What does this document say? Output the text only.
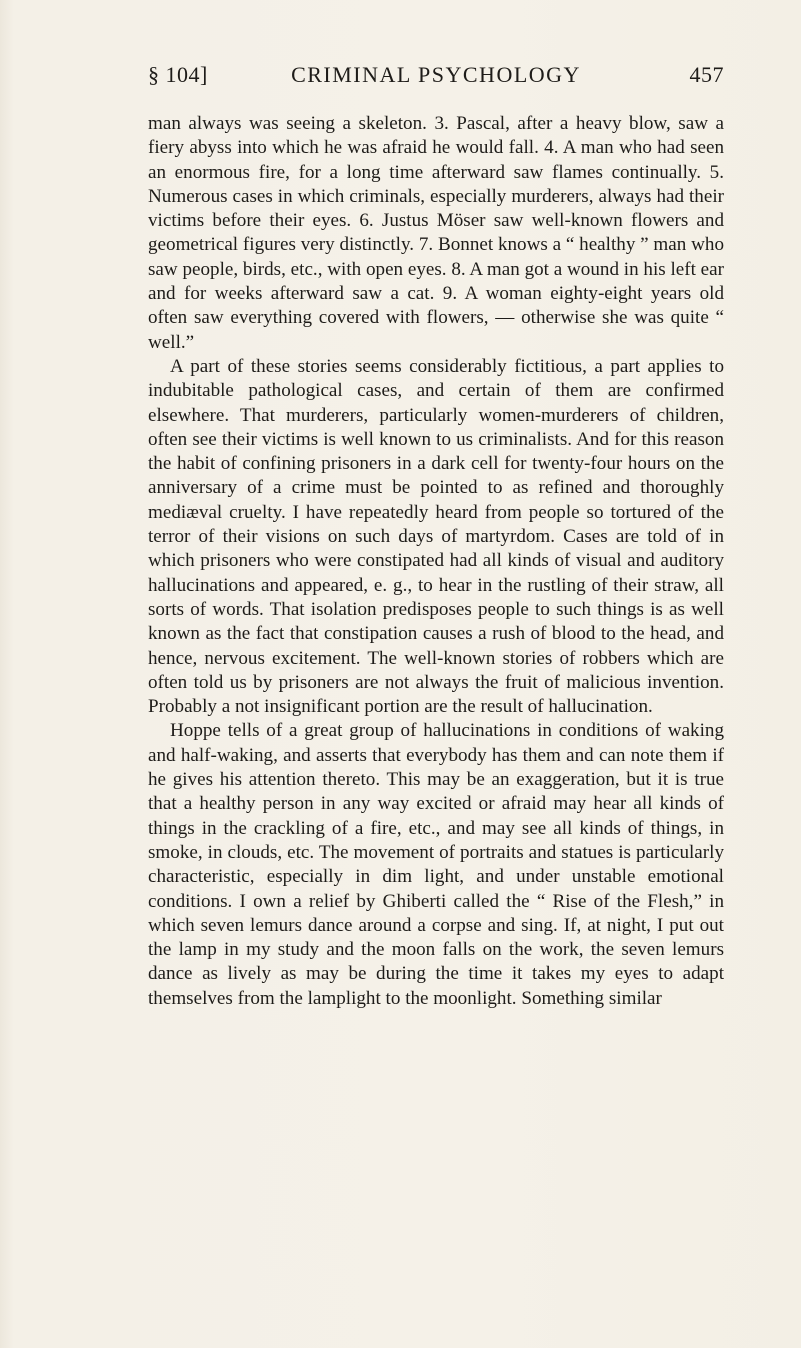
§ 104]	CRIMINAL PSYCHOLOGY	457

man always was seeing a skeleton. 3. Pascal, after a heavy blow, saw a fiery abyss into which he was afraid he would fall. 4. A man who had seen an enormous fire, for a long time afterward saw flames continually. 5. Numerous cases in which criminals, especially murderers, always had their victims before their eyes. 6. Justus Möser saw well-known flowers and geometrical figures very distinctly. 7. Bonnet knows a “ healthy ” man who saw people, birds, etc., with open eyes. 8. A man got a wound in his left ear and for weeks afterward saw a cat. 9. A woman eighty-eight years old often saw everything covered with flowers, — otherwise she was quite “ well.”

A part of these stories seems considerably fictitious, a part applies to indubitable pathological cases, and certain of them are confirmed elsewhere. That murderers, particularly women-murderers of children, often see their victims is well known to us criminalists. And for this reason the habit of confining prisoners in a dark cell for twenty-four hours on the anniversary of a crime must be pointed to as refined and thoroughly mediæval cruelty. I have repeatedly heard from people so tortured of the terror of their visions on such days of martyrdom. Cases are told of in which prisoners who were constipated had all kinds of visual and auditory hallucinations and appeared, e. g., to hear in the rustling of their straw, all sorts of words. That isolation predisposes people to such things is as well known as the fact that constipation causes a rush of blood to the head, and hence, nervous excitement. The well-known stories of robbers which are often told us by prisoners are not always the fruit of malicious invention. Probably a not insignificant portion are the result of hallucination.

Hoppe tells of a great group of hallucinations in conditions of waking and half-waking, and asserts that everybody has them and can note them if he gives his attention thereto. This may be an exaggeration, but it is true that a healthy person in any way excited or afraid may hear all kinds of things in the crackling of a fire, etc., and may see all kinds of things, in smoke, in clouds, etc. The movement of portraits and statues is particularly characteristic, especially in dim light, and under unstable emotional conditions. I own a relief by Ghiberti called the “ Rise of the Flesh,” in which seven lemurs dance around a corpse and sing. If, at night, I put out the lamp in my study and the moon falls on the work, the seven lemurs dance as lively as may be during the time it takes my eyes to adapt themselves from the lamplight to the moonlight. Something similar
